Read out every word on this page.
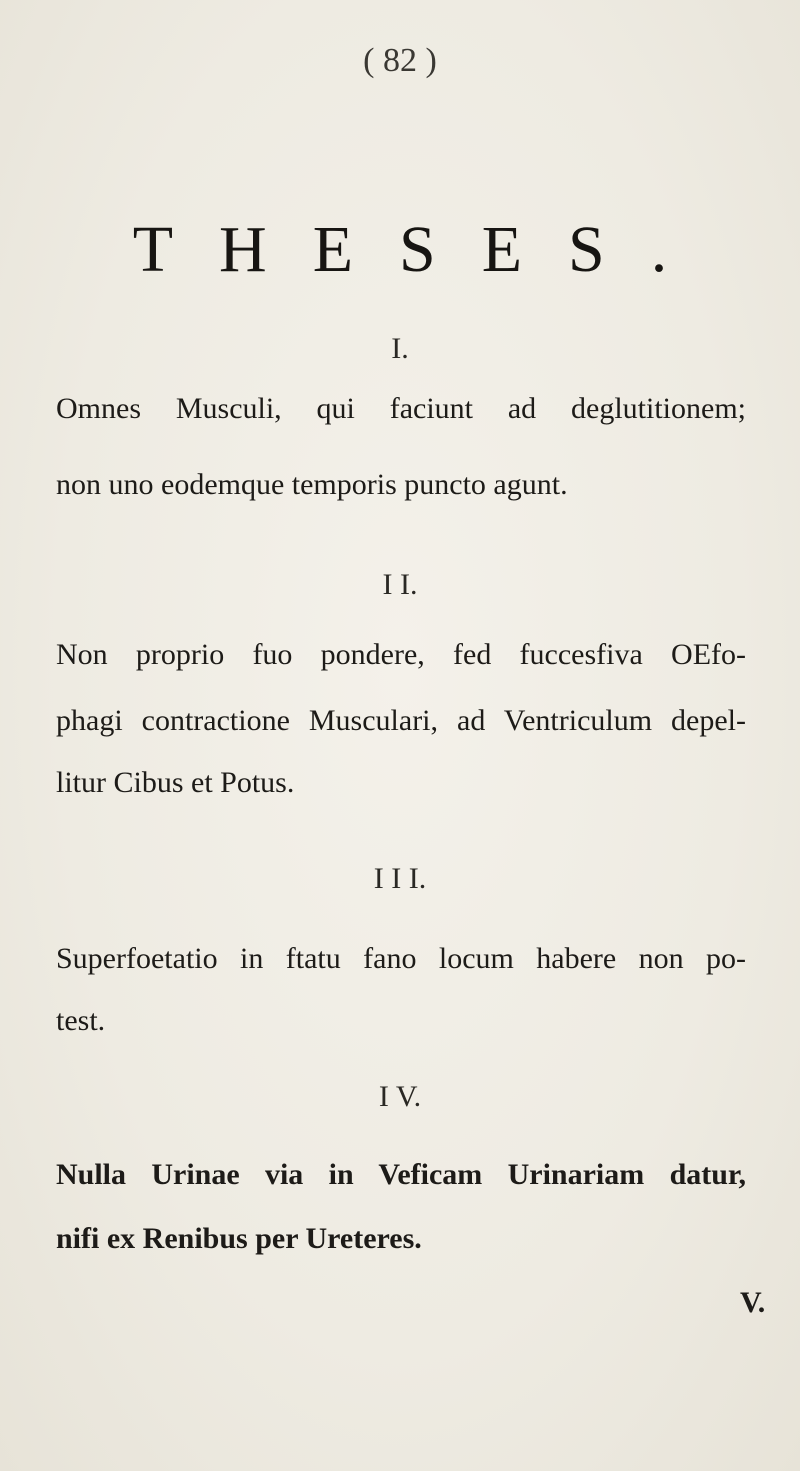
( 82 )
THESES.
I.
Omnes Musculi, qui faciunt ad deglutitionem;
non uno eodemque temporis puncto agunt.
I I.
Non proprio fuo pondere, fed fuccesfiva OEfo-
phagi contractione Musculari, ad Ventriculum depel-
litur Cibus et Potus.
I I I.
Superfoetatio in ftatu fano locum habere non po-
test.
I V.
Nulla Urinae via in Veficam Urinariam datur,
nifi ex Renibus per Ureteres.
V.
